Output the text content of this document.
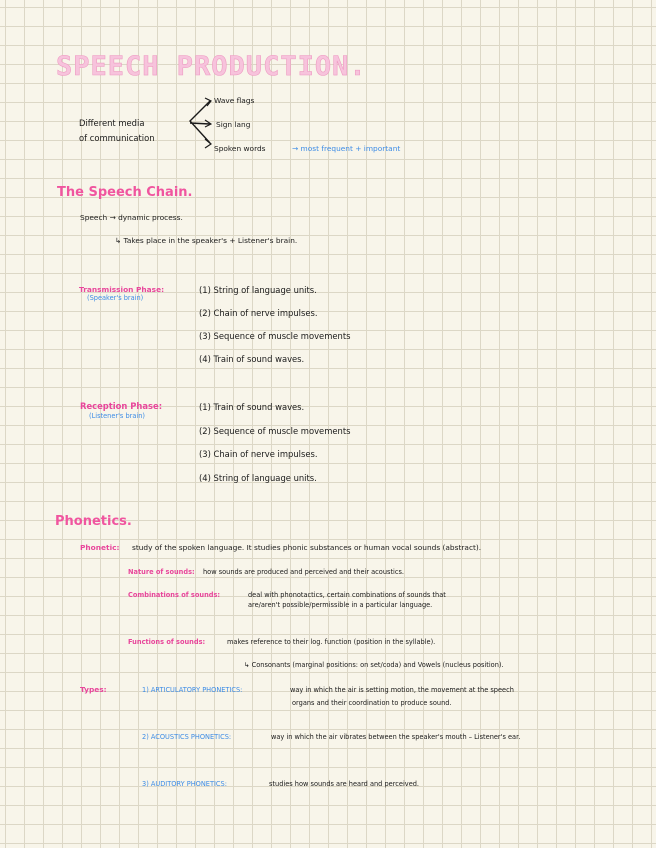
SPEECH PRODUCTION.
Different media
of communication
Wave flags
Sign lang
Spoken words	→ most frequent + important
The Speech Chain.
Speech → dynamic process.
↳ Takes place in the speaker's + Listener's brain.
Transmission Phase:
(Speaker's brain)
(1) String of language units.
(2) Chain of nerve impulses.
(3) Sequence of muscle movements
(4) Train of sound waves.
Reception Phase:
(Listener's brain)
(1) Train of sound waves.
(2) Sequence of muscle movements
(3) Chain of nerve impulses.
(4) String of language units.
Phonetics.
Phonetic: study of the spoken language. It studies phonic substances or human vocal sounds (abstract).
Nature of sounds: how sounds are produced and perceived and their acoustics.
Combinations of sounds:	deal with phonotactics, certain combinations of sounds that
are/aren't possible/permissible in a particular language.
Functions of sounds:	makes reference to their log. function (position in the syllable).
↳ Consonants (marginal positions: on set/coda) and Vowels (nucleus position).
Types:	1) ARTICULATORY PHONETICS:	way in which the air is setting motion, the movement at the speech
organs and their coordination to produce sound.
2) ACOUSTICS PHONETICS:	way in which the air vibrates between the speaker's mouth – Listener's ear.
3) AUDITORY PHONETICS:	studies how sounds are heard and perceived.
